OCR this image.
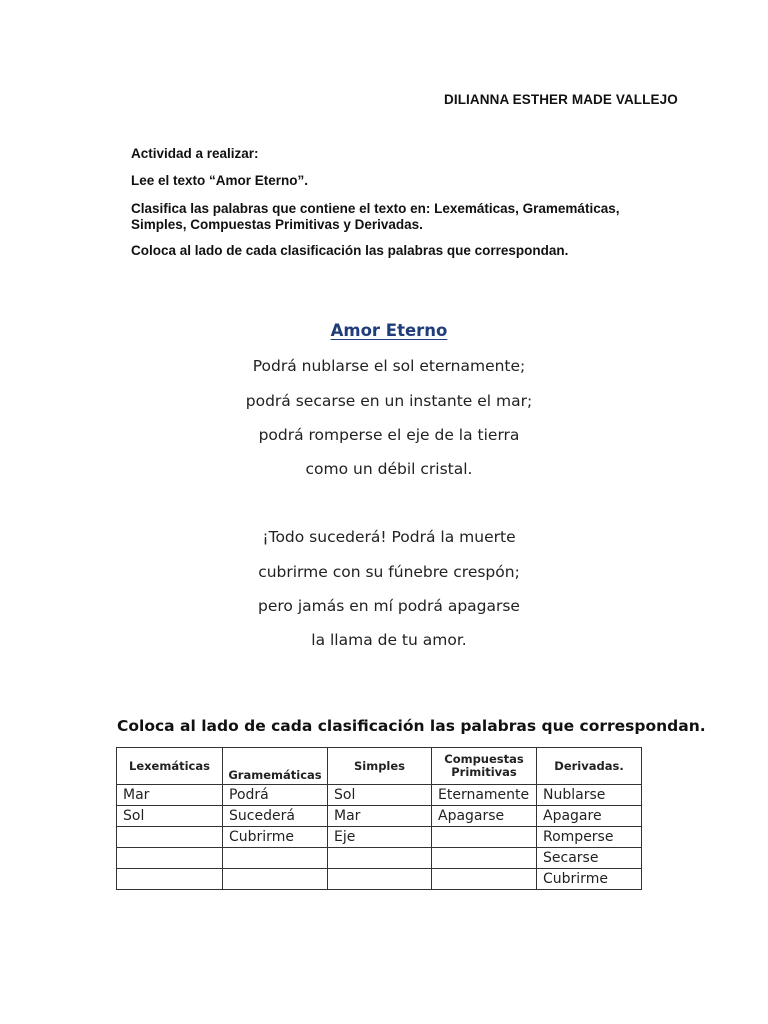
DILIANNA ESTHER MADE VALLEJO

Actividad a realizar:

Lee el texto “Amor Eterno”.

Clasifica las palabras que contiene el texto en: Lexemáticas, Gramemáticas, Simples, Compuestas Primitivas y Derivadas.

Coloca al lado de cada clasificación las palabras que correspondan.

Amor Eterno
Podrá nublarse el sol eternamente;
podrá secarse en un instante el mar;
podrá romperse el eje de la tierra
como un débil cristal.
¡Todo sucederá! Podrá la muerte
cubrirme con su fúnebre crespón;
pero jamás en mí podrá apagarse
la llama de tu amor.
Coloca al lado de cada clasificación las palabras que correspondan.
Lexemáticas	Gramemáticas	Simples	Compuestas Primitivas	Derivadas.
Mar	Podrá	Sol	Eternamente	Nublarse
Sol	Sucederá	Mar	Apagarse	Apagare
	Cubrirme	Eje		Romperse
				Secarse
				Cubrirme
